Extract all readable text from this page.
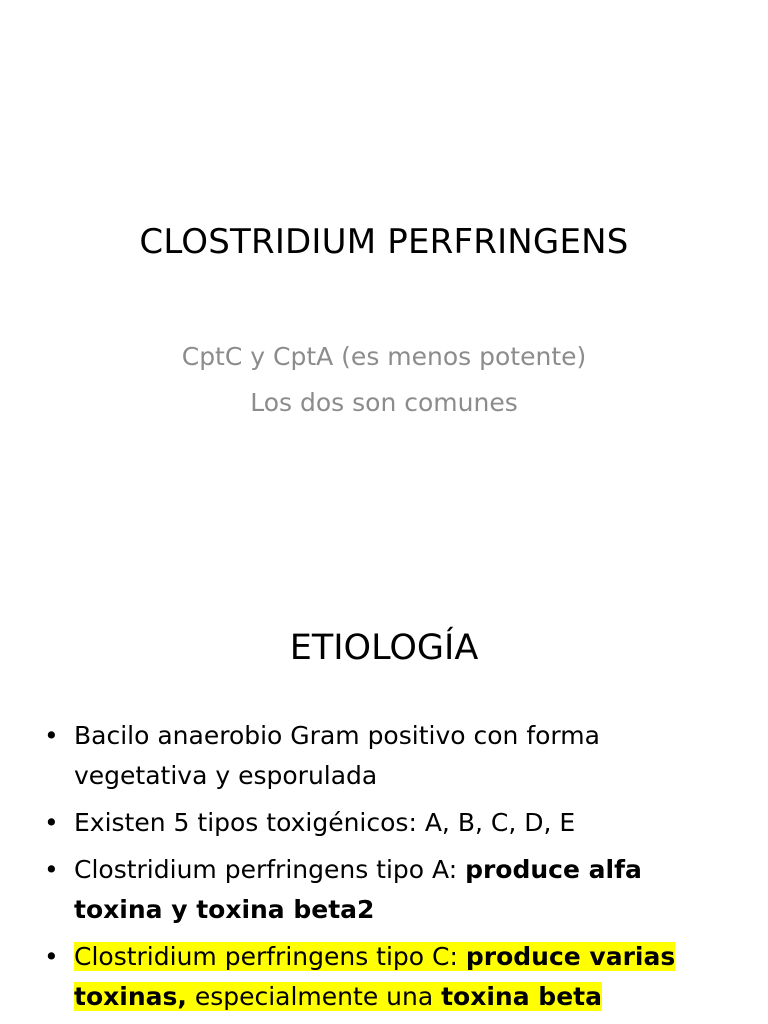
CLOSTRIDIUM PERFRINGENS
CptC y CptA (es menos potente)
Los dos son comunes
ETIOLOGÍA
• Bacilo anaerobio Gram positivo con forma vegetativa y esporulada
• Existen 5 tipos toxigénicos: A, B, C, D, E
• Clostridium perfringens tipo A: produce alfa toxina y toxina beta2
• Clostridium perfringens tipo C: produce varias toxinas, especialmente una toxina beta
